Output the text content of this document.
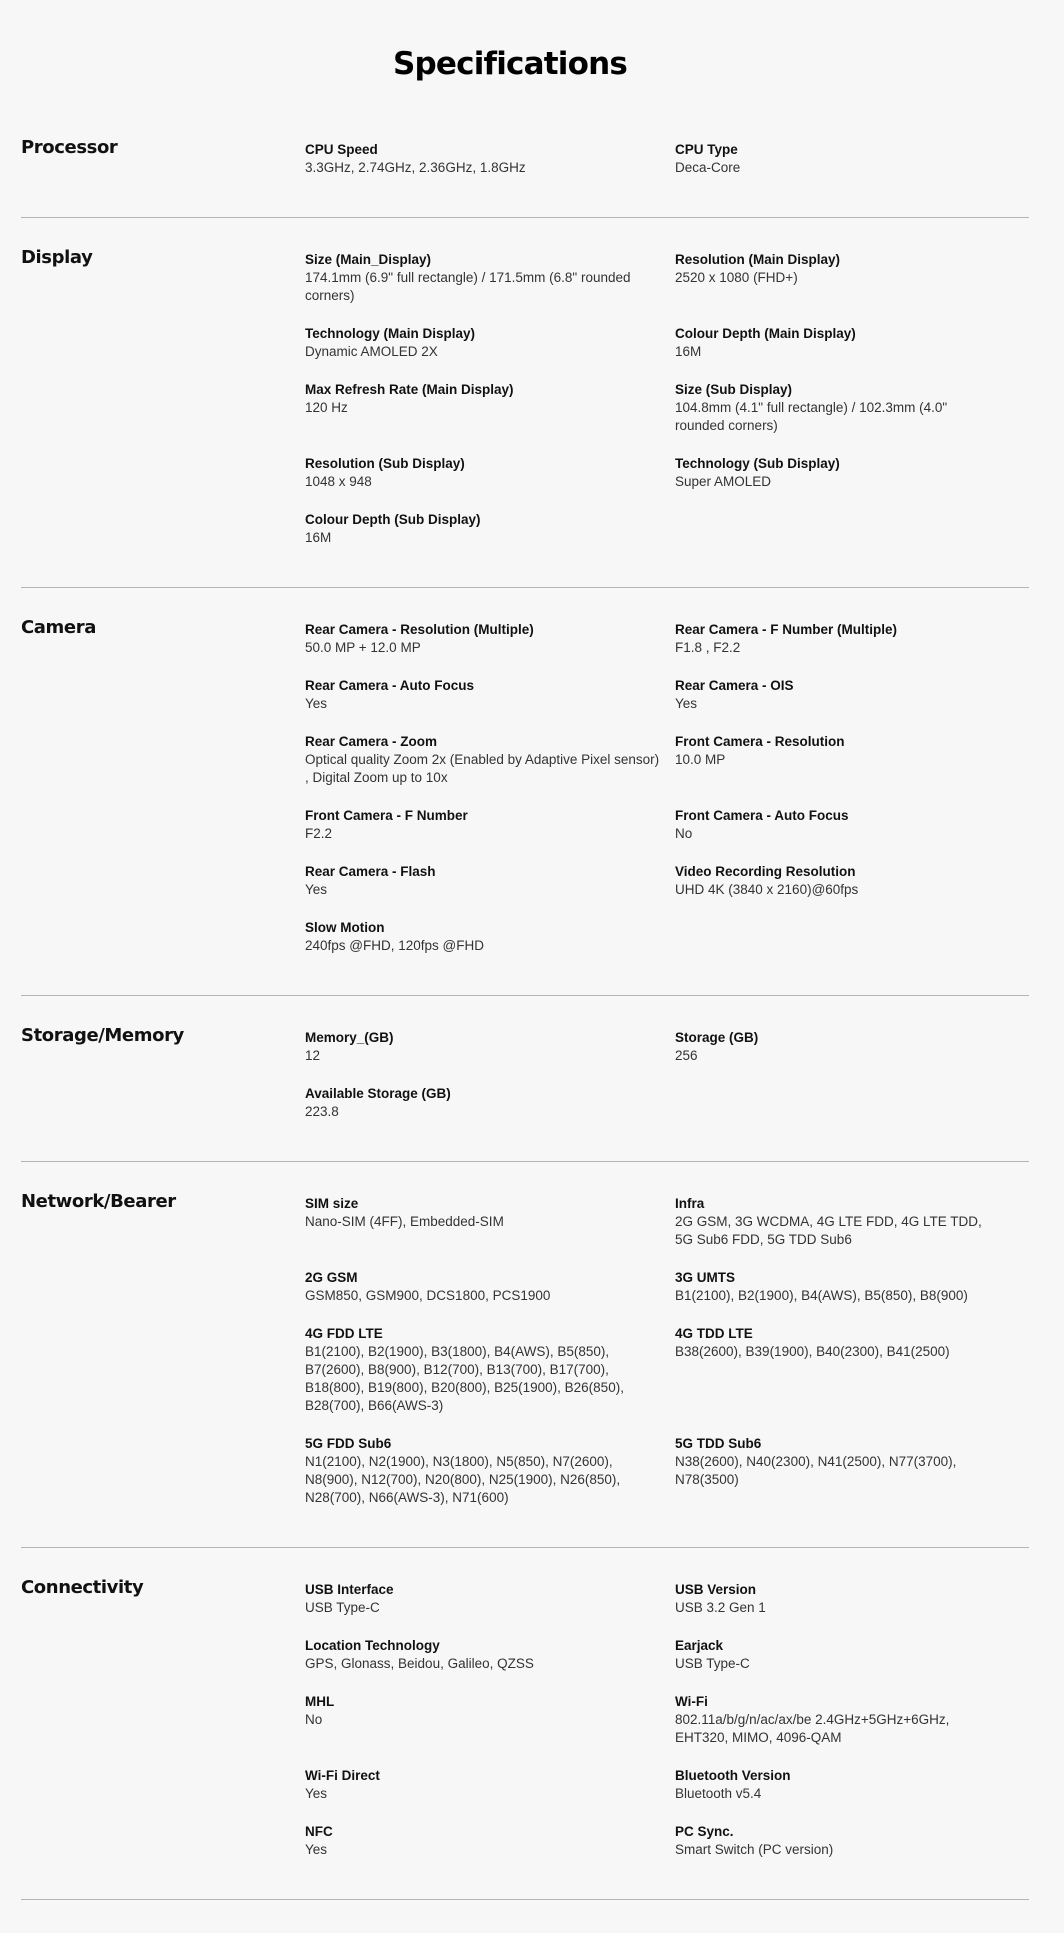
Specifications
Processor	CPU Speed
3.3GHz, 2.74GHz, 2.36GHz, 1.8GHz
CPU Type
Deca-Core
Display	Size (Main_Display)
174.1mm (6.9" full rectangle) / 171.5mm (6.8" rounded corners)
Resolution (Main Display)
2520 x 1080 (FHD+)
Technology (Main Display)
Dynamic AMOLED 2X
Colour Depth (Main Display)
16M
Max Refresh Rate (Main Display)
120 Hz
Size (Sub Display)
104.8mm (4.1" full rectangle) / 102.3mm (4.0" rounded corners)
Resolution (Sub Display)
1048 x 948
Technology (Sub Display)
Super AMOLED
Colour Depth (Sub Display)
16M
Camera	Rear Camera - Resolution (Multiple)
50.0 MP + 12.0 MP
Rear Camera - F Number (Multiple)
F1.8 , F2.2
Rear Camera - Auto Focus
Yes
Rear Camera - OIS
Yes
Rear Camera - Zoom
Optical quality Zoom 2x (Enabled by Adaptive Pixel sensor) , Digital Zoom up to 10x
Front Camera - Resolution
10.0 MP
Front Camera - F Number
F2.2
Front Camera - Auto Focus
No
Rear Camera - Flash
Yes
Video Recording Resolution
UHD 4K (3840 x 2160)@60fps
Slow Motion
240fps @FHD, 120fps @FHD
Storage/Memory	Memory_(GB)
12
Storage (GB)
256
Available Storage (GB)
223.8
Network/Bearer	SIM size
Nano-SIM (4FF), Embedded-SIM
Infra
2G GSM, 3G WCDMA, 4G LTE FDD, 4G LTE TDD, 5G Sub6 FDD, 5G TDD Sub6
2G GSM
GSM850, GSM900, DCS1800, PCS1900
3G UMTS
B1(2100), B2(1900), B4(AWS), B5(850), B8(900)
4G FDD LTE
B1(2100), B2(1900), B3(1800), B4(AWS), B5(850), B7(2600), B8(900), B12(700), B13(700), B17(700), B18(800), B19(800), B20(800), B25(1900), B26(850), B28(700), B66(AWS-3)
4G TDD LTE
B38(2600), B39(1900), B40(2300), B41(2500)
5G FDD Sub6
N1(2100), N2(1900), N3(1800), N5(850), N7(2600), N8(900), N12(700), N20(800), N25(1900), N26(850), N28(700), N66(AWS-3), N71(600)
5G TDD Sub6
N38(2600), N40(2300), N41(2500), N77(3700), N78(3500)
Connectivity	USB Interface
USB Type-C
USB Version
USB 3.2 Gen 1
Location Technology
GPS, Glonass, Beidou, Galileo, QZSS
Earjack
USB Type-C
MHL
No
Wi-Fi
802.11a/b/g/n/ac/ax/be 2.4GHz+5GHz+6GHz, EHT320, MIMO, 4096-QAM
Wi-Fi Direct
Yes
Bluetooth Version
Bluetooth v5.4
NFC
Yes
PC Sync.
Smart Switch (PC version)
